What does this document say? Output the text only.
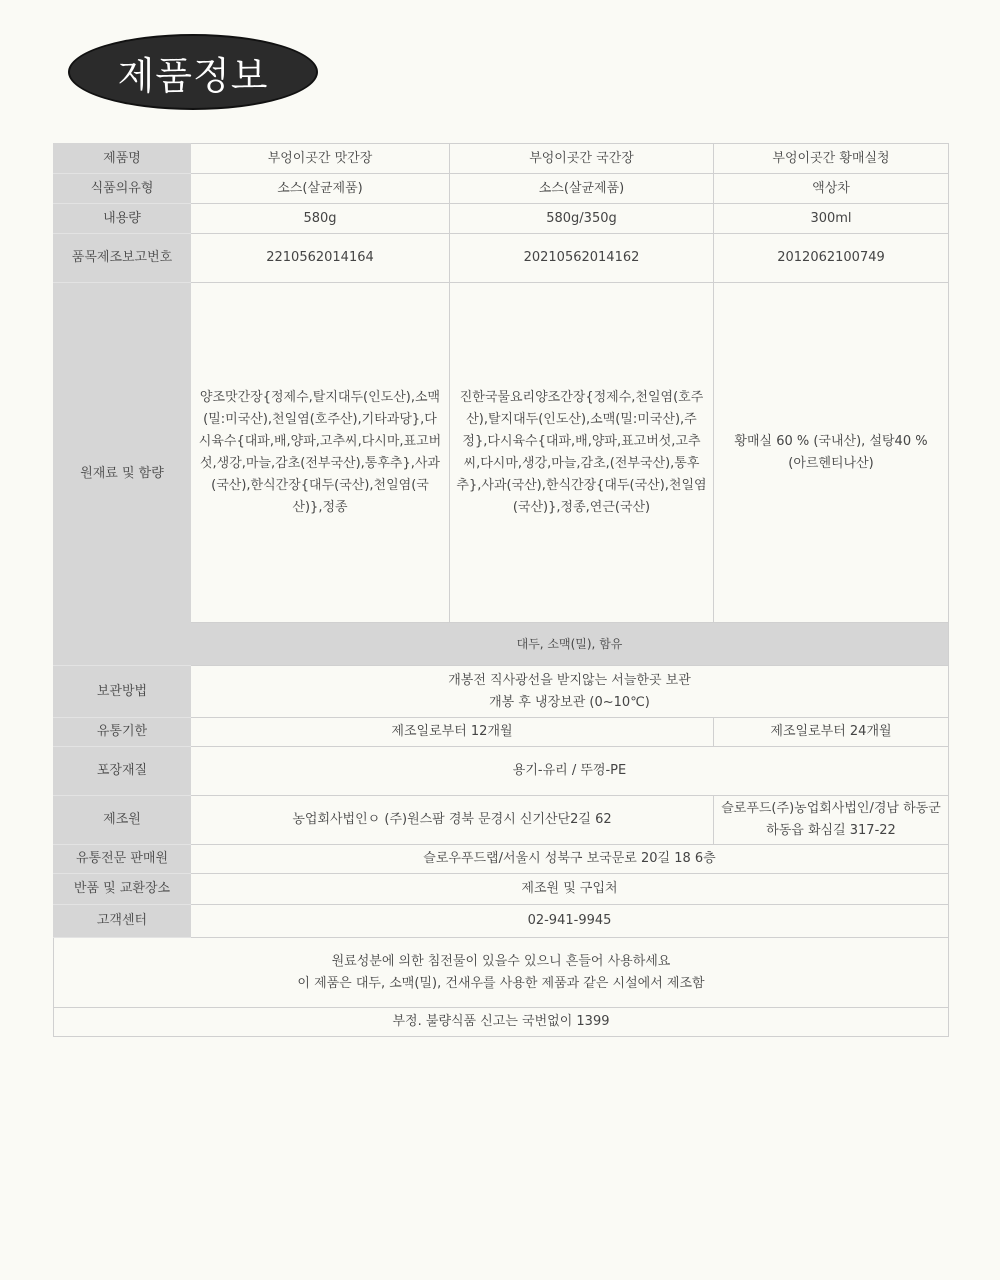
제품정보
제품명	부엉이곳간 맛간장	부엉이곳간 국간장	부엉이곳간 황매실청
식품의유형	소스(살균제품)	소스(살균제품)	액상차
내용량	580g	580g/350g	300ml
품목제조보고번호	2210562014164	20210562014162	2012062100749
원재료 및 함량	양조맛간장{정제수,탈지대두(인도산),소맥(밀:미국산),천일염(호주산),기타과당},다시육수{대파,배,양파,고추씨,다시마,표고버섯,생강,마늘,감초(전부국산),통후추},사과(국산),한식간장{대두(국산),천일염(국산)},정종	진한국물요리양조간장{정제수,천일염(호주산),탈지대두(인도산),소맥(밀:미국산),주정},다시육수{대파,배,양파,표고버섯,고추씨,다시마,생강,마늘,감초,(전부국산),통후추},사과(국산),한식간장{대두(국산),천일염(국산)},정종,연근(국산)	황매실 60 % (국내산), 설탕40 %
(아르헨티나산)
	대두, 소맥(밀), 함유		
보관방법	개봉전 직사광선을 받지않는 서늘한곳 보관
개봉 후 냉장보관 (0~10℃)		
유통기한	제조일로부터 12개월		제조일로부터 24개월
포장재질	용기-유리 / 뚜껑-PE		
제조원	농업회사법인ㅇ (주)원스팜 경북 문경시 신기산단2길 62		슬로푸드(주)농업회사법인/경남 하동군
하동읍 화심길 317-22
유통전문 판매원	슬로우푸드랩/서울시 성북구 보국문로 20길 18 6층		
반품 및 교환장소	제조원 및 구입처		
고객센터	02-941-9945		
원료성분에 의한 침전물이 있을수 있으니 흔들어 사용하세요
이 제품은 대두, 소맥(밀), 건새우를 사용한 제품과 같은 시설에서 제조함			
부정. 불량식품 신고는 국번없이 1399			
